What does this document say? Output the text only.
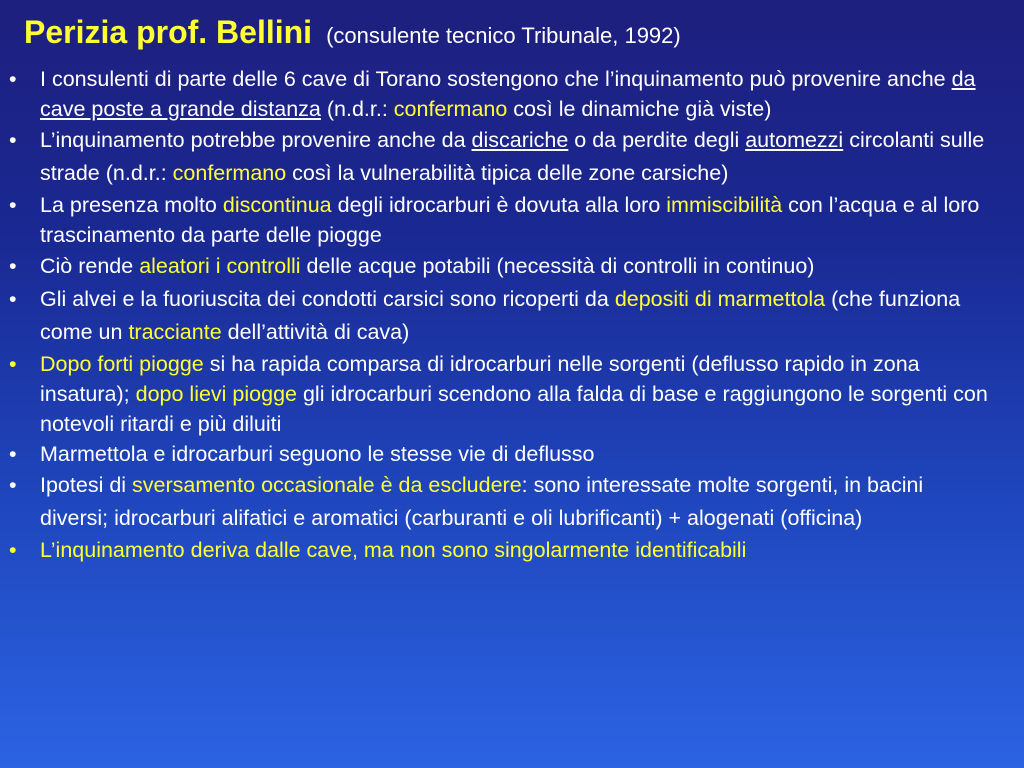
Perizia prof. Bellini (consulente tecnico Tribunale, 1992)
• I consulenti di parte delle 6 cave di Torano sostengono che l’inquinamento può provenire anche da cave poste a grande distanza (n.d.r.: confermano così le dinamiche già viste)
• L’inquinamento potrebbe provenire anche da discariche o da perdite degli automezzi circolanti sulle strade (n.d.r.: confermano così la vulnerabilità tipica delle zone carsiche)
• La presenza molto discontinua degli idrocarburi è dovuta alla loro immiscibilità con l’acqua e al loro trascinamento da parte delle piogge
• Ciò rende aleatori i controlli delle acque potabili (necessità di controlli in continuo)
• Gli alvei e la fuoriuscita dei condotti carsici sono ricoperti da depositi di marmettola (che funziona come un tracciante dell’attività di cava)
• Dopo forti piogge si ha rapida comparsa di idrocarburi nelle sorgenti (deflusso rapido in zona insatura); dopo lievi piogge gli idrocarburi scendono alla falda di base e raggiungono le sorgenti con notevoli ritardi e più diluiti
• Marmettola e idrocarburi seguono le stesse vie di deflusso
• Ipotesi di sversamento occasionale è da escludere: sono interessate molte sorgenti, in bacini diversi; idrocarburi alifatici e aromatici (carburanti e oli lubrificanti) + alogenati (officina)
• L’inquinamento deriva dalle cave, ma non sono singolarmente identificabili
